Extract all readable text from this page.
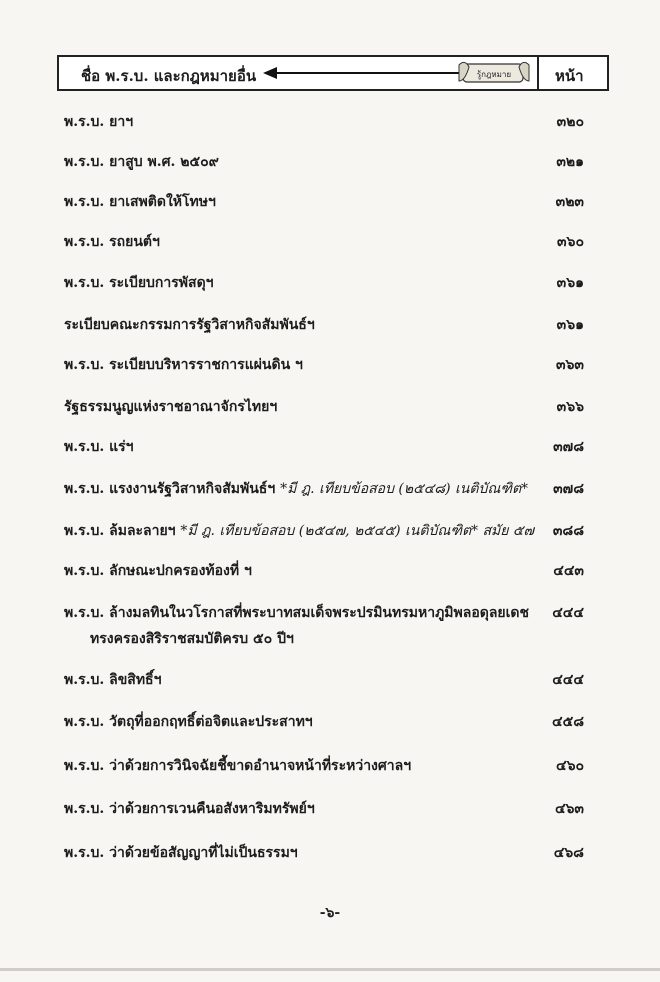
ชื่อ พ.ร.บ. และกฎหมายอื่น	รู้กฎหมาย	หน้า
พ.ร.บ. ยาฯ	๓๒๐
พ.ร.บ. ยาสูบ พ.ศ. ๒๕๐๙	๓๒๑
พ.ร.บ. ยาเสพติดให้โทษฯ	๓๒๓
พ.ร.บ. รถยนต์ฯ	๓๖๐
พ.ร.บ. ระเบียบการพัสดุฯ	๓๖๑
ระเบียบคณะกรรมการรัฐวิสาหกิจสัมพันธ์ฯ	๓๖๑
พ.ร.บ. ระเบียบบริหารราชการแผ่นดิน ฯ	๓๖๓
รัฐธรรมนูญแห่งราชอาณาจักรไทยฯ	๓๖๖
พ.ร.บ. แร่ฯ	๓๗๘
พ.ร.บ. แรงงานรัฐวิสาหกิจสัมพันธ์ฯ *มี ฎ. เทียบข้อสอบ (๒๕๔๘) เนติบัณฑิต*	๓๗๘
พ.ร.บ. ล้มละลายฯ *มี ฎ. เทียบข้อสอบ (๒๕๔๗, ๒๕๔๕) เนติบัณฑิต* สมัย ๕๗	๓๘๘
พ.ร.บ. ลักษณะปกครองท้องที่ ฯ	๔๔๓
พ.ร.บ. ล้างมลทินในวโรกาสที่พระบาทสมเด็จพระปรมินทรมหาภูมิพลอดุลยเดช	๔๔๔
ทรงครองสิริราชสมบัติครบ ๕๐ ปีฯ
พ.ร.บ. ลิขสิทธิ์ฯ	๔๔๔
พ.ร.บ. วัตถุที่ออกฤทธิ์ต่อจิตและประสาทฯ	๔๕๘
พ.ร.บ. ว่าด้วยการวินิจฉัยชี้ขาดอำนาจหน้าที่ระหว่างศาลฯ	๔๖๐
พ.ร.บ. ว่าด้วยการเวนคืนอสังหาริมทรัพย์ฯ	๔๖๓
พ.ร.บ. ว่าด้วยข้อสัญญาที่ไม่เป็นธรรมฯ	๔๖๘
-๖-
